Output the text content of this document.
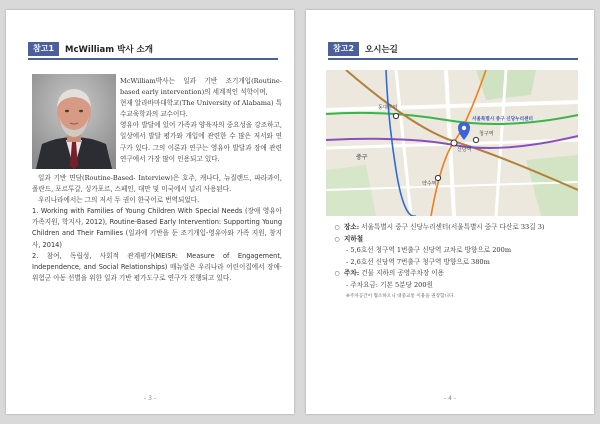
참고1	McWilliam 박사 소개

McWilliam박사는 일과 기반 조기개입(Routine-based early intervention)의 세계적인 석학이며,

현재 알라바마대학교(The University of Alabama) 특수교육학과의 교수이다.

영유아 발달에 있어 가족과 양육자의 중요성을 강조하고, 일상에서 발달 평가와 개입에 관련한 수 많은 저서와 연구가 있다. 그의 이론과 연구는 영유아 발달과 장애 관련 연구에서 가장 많이 인용되고 있다.

일과 기반 면담(Routine-Based- Interview)은 호주, 캐나다, 뉴질랜드, 파라과이, 폴란드, 포르투갈, 싱가포르, 스페인, 대만 및 미국에서 널리 사용된다.

우리나라에서는 그의 저서 두 권이 한국어로 번역되었다.

1. Working with Families of Young Children With Special Needs (장애 영유아 가족지원, 학지사, 2012), Routine-Based Early Intervention: Supporting Young Children and Their Families (일과에 기반을 둔 조기개입-영유아와 가족 지원, 창지사, 2014)

2. 참여, 독립성, 사회적 관계평가(MEISR: Measure of Engagement, Independence, and Social Relationships) 매뉴얼은 우리나라 어린이집에서 장애·위험군 아동 선별을 위한 일과 기반 평가도구로 연구가 진행되고 있다.

- 3 -
참고2	오시는길
신당역
동대문역
청구역
약수역
중구
서울특별시 중구 신당누리센터
○ 장소: 서울특별시 중구 신당누리센터(서울특별시 중구 다산로 33길 3)
○ 지하철
- 5,6호선 청구역 1번출구 신당역 교차로 방향으로 200m
- 2,6호선 신당역 7번출구 청구역 방향으로 380m
○ 주차: 건물 지하의 공영주차장 이용
- 주차요금: 기본 5분당 200원
※주차공간이 협소하오니 대중교통 이용을 권장합니다.
- 4 -
